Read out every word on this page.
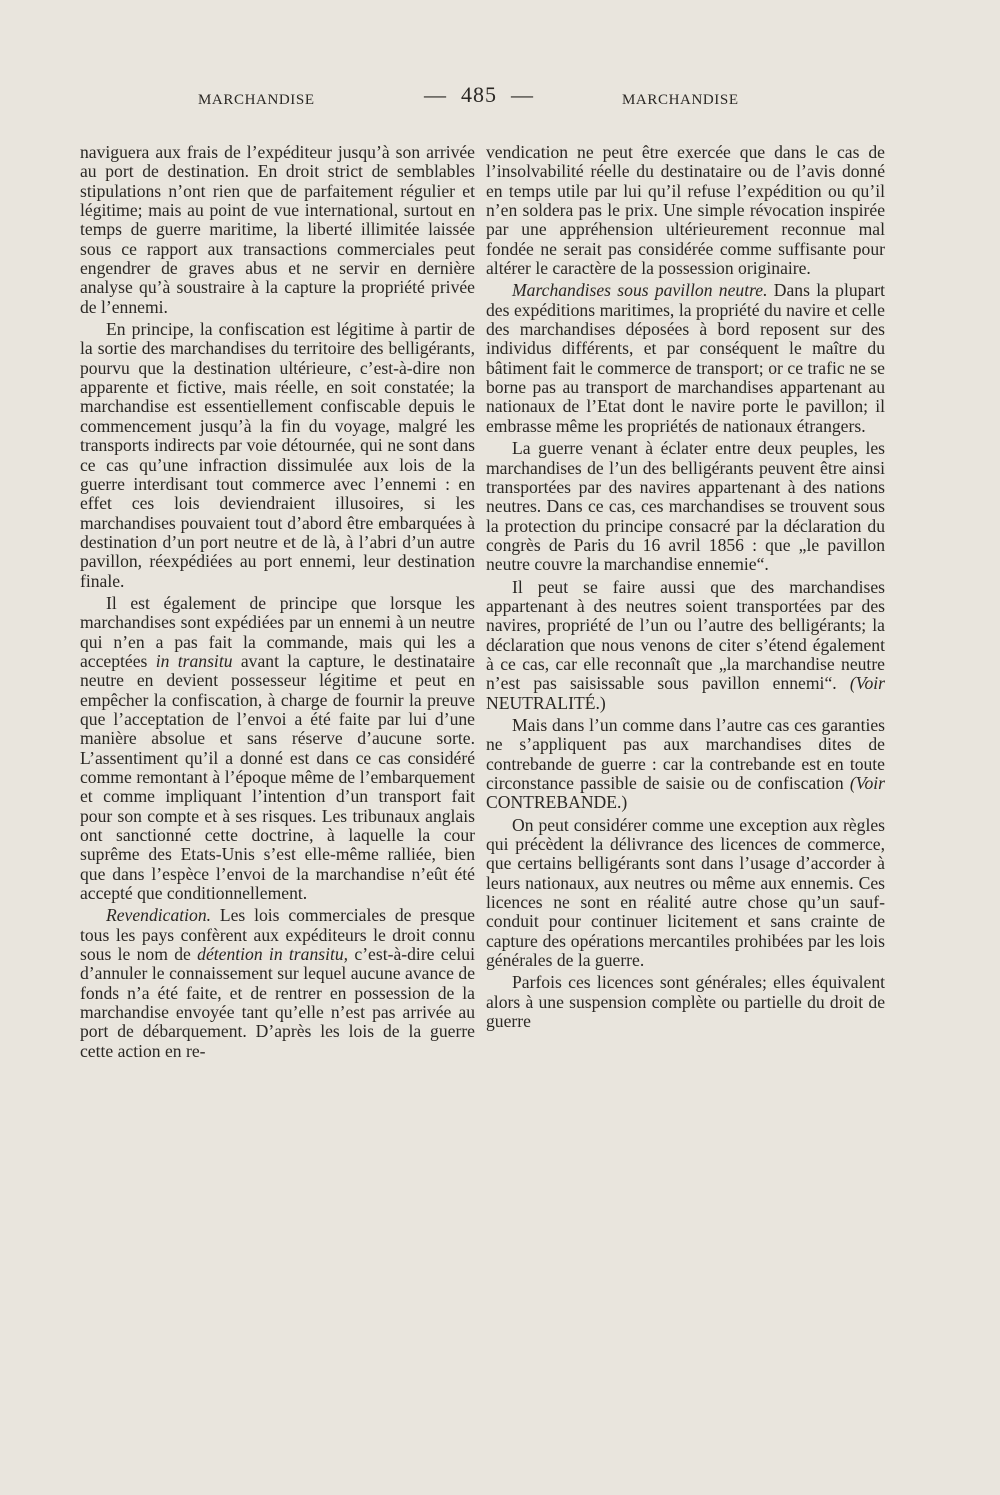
MARCHANDISE	— 485 —	MARCHANDISE

naviguera aux frais de l’expéditeur jusqu’à son arrivée au port de destination. En droit strict de semblables stipulations n’ont rien que de parfaitement régulier et légitime; mais au point de vue international, surtout en temps de guerre maritime, la liberté illimitée laissée sous ce rapport aux transactions commerciales peut engendrer de graves abus et ne servir en dernière analyse qu’à soustraire à la capture la propriété privée de l’ennemi.

En principe, la confiscation est légitime à partir de la sortie des marchandises du territoire des belligérants, pourvu que la destination ultérieure, c’est-à-dire non apparente et fictive, mais réelle, en soit constatée; la marchandise est essentiellement confiscable depuis le commencement jusqu’à la fin du voyage, malgré les transports indirects par voie détournée, qui ne sont dans ce cas qu’une infraction dissimulée aux lois de la guerre interdisant tout commerce avec l’ennemi : en effet ces lois deviendraient illusoires, si les marchandises pouvaient tout d’abord être embarquées à destination d’un port neutre et de là, à l’abri d’un autre pavillon, réexpédiées au port ennemi, leur destination finale.

Il est également de principe que lorsque les marchandises sont expédiées par un ennemi à un neutre qui n’en a pas fait la commande, mais qui les a acceptées in transitu avant la capture, le destinataire neutre en devient possesseur légitime et peut en empêcher la confiscation, à charge de fournir la preuve que l’acceptation de l’envoi a été faite par lui d’une manière absolue et sans réserve d’aucune sorte. L’assentiment qu’il a donné est dans ce cas considéré comme remontant à l’époque même de l’embarquement et comme impliquant l’intention d’un transport fait pour son compte et à ses risques. Les tribunaux anglais ont sanctionné cette doctrine, à laquelle la cour suprême des Etats-Unis s’est elle-même ralliée, bien que dans l’espèce l’envoi de la marchandise n’eût été accepté que conditionnellement.

Revendication. Les lois commerciales de presque tous les pays confèrent aux expéditeurs le droit connu sous le nom de détention in transitu, c’est-à-dire celui d’annuler le connaissement sur lequel aucune avance de fonds n’a été faite, et de rentrer en possession de la marchandise envoyée tant qu’elle n’est pas arrivée au port de débarquement. D’après les lois de la guerre cette action en re-

vendication ne peut être exercée que dans le cas de l’insolvabilité réelle du destinataire ou de l’avis donné en temps utile par lui qu’il refuse l’expédition ou qu’il n’en soldera pas le prix. Une simple révocation inspirée par une appréhension ultérieurement reconnue mal fondée ne serait pas considérée comme suffisante pour altérer le caractère de la possession originaire.

Marchandises sous pavillon neutre. Dans la plupart des expéditions maritimes, la propriété du navire et celle des marchandises déposées à bord reposent sur des individus différents, et par conséquent le maître du bâtiment fait le commerce de transport; or ce trafic ne se borne pas au transport de marchandises appartenant au nationaux de l’Etat dont le navire porte le pavillon; il embrasse même les propriétés de nationaux étrangers.

La guerre venant à éclater entre deux peuples, les marchandises de l’un des belligérants peuvent être ainsi transportées par des navires appartenant à des nations neutres. Dans ce cas, ces marchandises se trouvent sous la protection du principe consacré par la déclaration du congrès de Paris du 16 avril 1856 : que „le pavillon neutre couvre la marchandise ennemie“.

Il peut se faire aussi que des marchandises appartenant à des neutres soient transportées par des navires, propriété de l’un ou l’autre des belligérants; la déclaration que nous venons de citer s’étend également à ce cas, car elle reconnaît que „la marchandise neutre n’est pas saisissable sous pavillon ennemi“. (Voir NEUTRALITÉ.)

Mais dans l’un comme dans l’autre cas ces garanties ne s’appliquent pas aux marchandises dites de contrebande de guerre : car la contrebande est en toute circonstance passible de saisie ou de confiscation (Voir CONTREBANDE.)

On peut considérer comme une exception aux règles qui précèdent la délivrance des licences de commerce, que certains belligérants sont dans l’usage d’accorder à leurs nationaux, aux neutres ou même aux ennemis. Ces licences ne sont en réalité autre chose qu’un sauf-conduit pour continuer licitement et sans crainte de capture des opérations mercantiles prohibées par les lois générales de la guerre.

Parfois ces licences sont générales; elles équivalent alors à une suspension complète ou partielle du droit de guerre
